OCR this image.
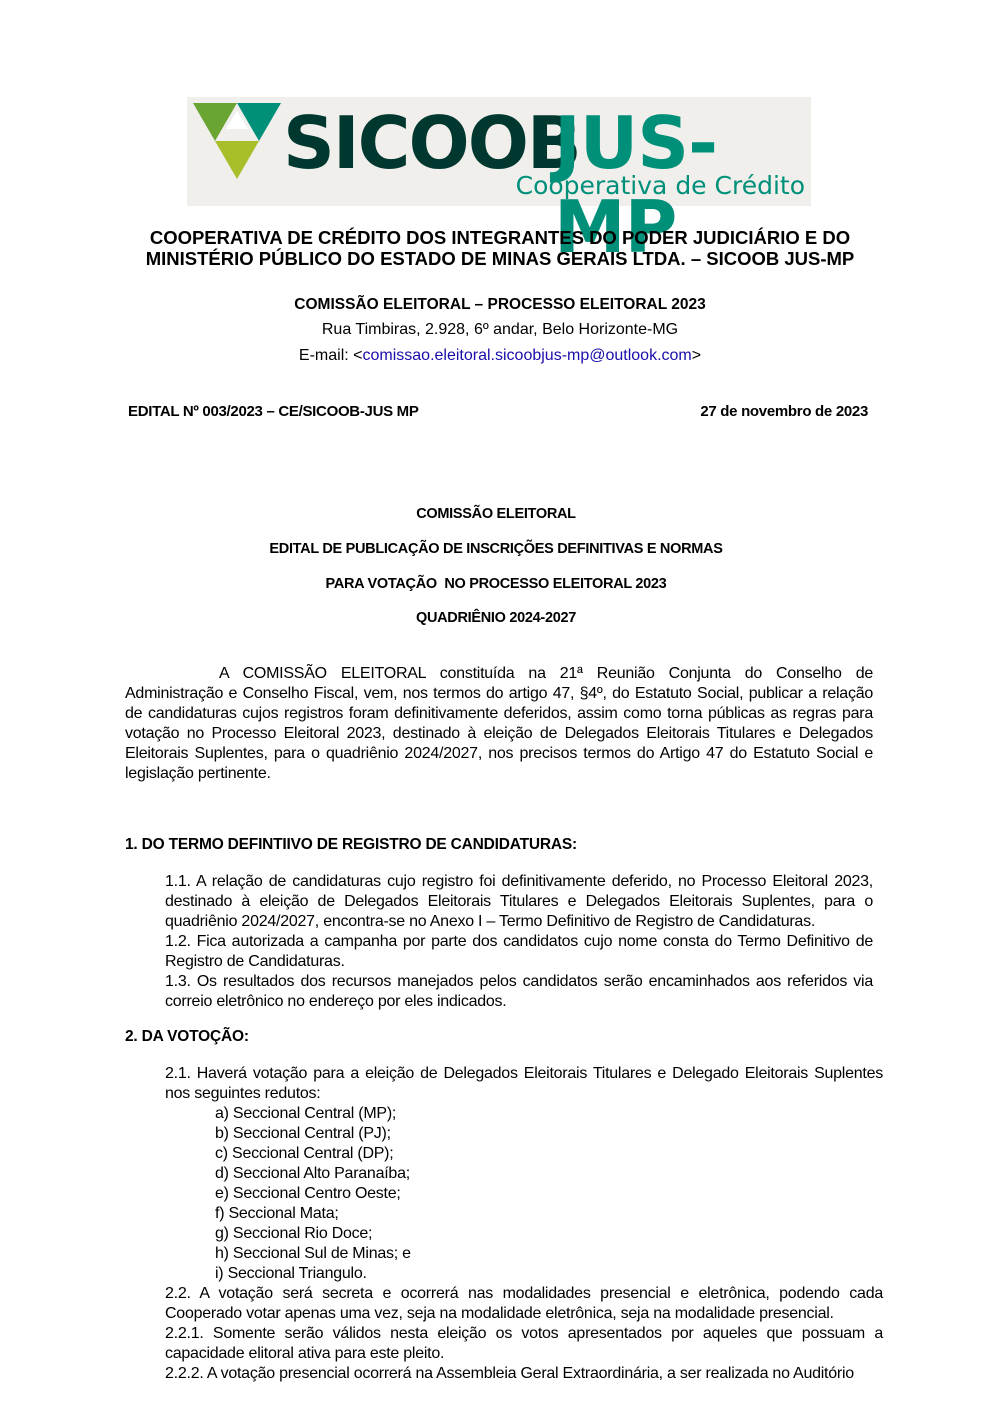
SICOOB
JUS-MP
Cooperativa de Crédito
COOPERATIVA DE CRÉDITO DOS INTEGRANTES DO PODER JUDICIÁRIO E DO
MINISTÉRIO PÚBLICO DO ESTADO DE MINAS GERAIS LTDA. – SICOOB JUS-MP
COMISSÃO ELEITORAL – PROCESSO ELEITORAL 2023
Rua Timbiras, 2.928, 6º andar, Belo Horizonte-MG
E-mail: <comissao.eleitoral.sicoobjus-mp@outlook.com>
EDITAL Nº 003/2023 – CE/SICOOB-JUS MP	27 de novembro de 2023
COMISSÃO ELEITORAL
EDITAL DE PUBLICAÇÃO DE INSCRIÇÕES DEFINITIVAS E NORMAS
PARA VOTAÇÃO  NO PROCESSO ELEITORAL 2023
QUADRIÊNIO 2024-2027

A COMISSÃO ELEITORAL constituída na 21ª Reunião Conjunta do Conselho de Administração e Conselho Fiscal, vem, nos termos do artigo 47, §4º, do Estatuto Social, publicar a relação de candidaturas cujos registros foram definitivamente deferidos, assim como torna públicas as regras para votação no Processo Eleitoral 2023, destinado à eleição de Delegados Eleitorais Titulares e Delegados Eleitorais Suplentes, para o quadriênio 2024/2027, nos precisos termos do Artigo 47 do Estatuto Social e legislação pertinente.

1. DO TERMO DEFINTIIVO DE REGISTRO DE CANDIDATURAS:

1.1. A relação de candidaturas cujo registro foi definitivamente deferido, no Processo Eleitoral 2023, destinado à eleição de Delegados Eleitorais Titulares e Delegados Eleitorais Suplentes, para o quadriênio 2024/2027, encontra-se no Anexo I – Termo Definitivo de Registro de Candidaturas.

1.2. Fica autorizada a campanha por parte dos candidatos cujo nome consta do Termo Definitivo de Registro de Candidaturas.

1.3. Os resultados dos recursos manejados pelos candidatos serão encaminhados aos referidos via correio eletrônico no endereço por eles indicados.

2. DA VOTOÇÃO:

2.1. Haverá votação para a eleição de Delegados Eleitorais Titulares e Delegado Eleitorais Suplentes nos seguintes redutos:

a) Seccional Central (MP);

b) Seccional Central (PJ);

c) Seccional Central (DP);

d) Seccional Alto Paranaíba;

e) Seccional Centro Oeste;

f) Seccional Mata;

g) Seccional Rio Doce;

h) Seccional Sul de Minas; e

i) Seccional Triangulo.

2.2. A votação será secreta e ocorrerá nas modalidades presencial e eletrônica, podendo cada Cooperado votar apenas uma vez, seja na modalidade eletrônica, seja na modalidade presencial.

2.2.1. Somente serão válidos nesta eleição os votos apresentados por aqueles que possuam a capacidade elitoral ativa para este pleito.

2.2.2. A votação presencial ocorrerá na Assembleia Geral Extraordinária, a ser realizada no Auditório
